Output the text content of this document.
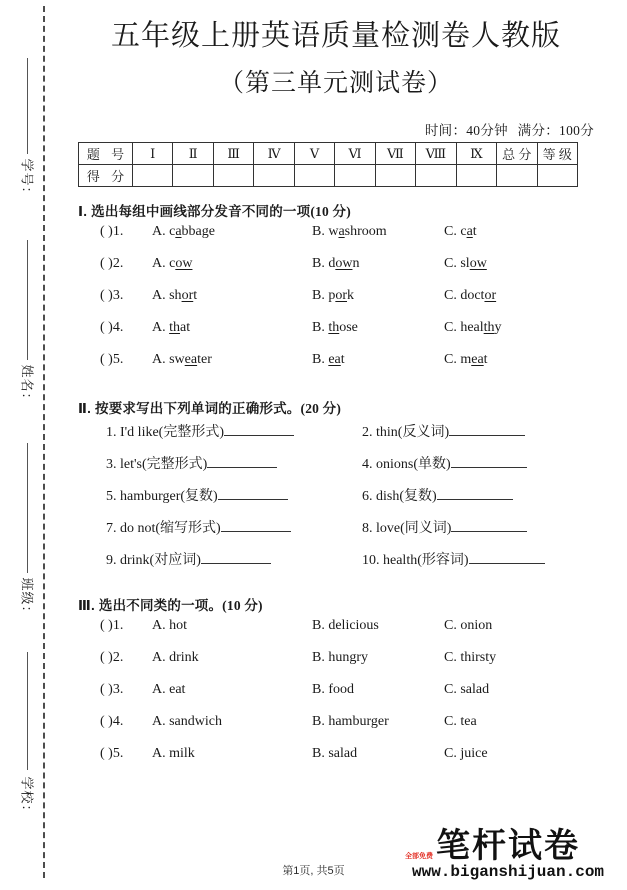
学号：
姓名：
班级：
学校：
五年级上册英语质量检测卷人教版
（第三单元测试卷）
时间：40分钟 满分：100分
题 号	Ⅰ	Ⅱ	Ⅲ	Ⅳ	Ⅴ	Ⅵ	Ⅶ	Ⅷ	Ⅸ	总 分	等 级
得 分											
Ⅰ. 选出每组中画线部分发音不同的一项(10 分)
( )1.	A. cabbage	B. washroom	C. cat
( )2.	A. cow	B. down	C. slow
( )3.	A. short	B. pork	C. doctor
( )4.	A. that	B. those	C. healthy
( )5.	A. sweater	B. eat	C. meat
Ⅱ. 按要求写出下列单词的正确形式。(20 分)
1. I'd like(完整形式)	2. thin(反义词)
3. let's(完整形式)	4. onions(单数)
5. hamburger(复数)	6. dish(复数)
7. do not(缩写形式)	8. love(同义词)
9. drink(对应词)	10. health(形容词)
Ⅲ. 选出不同类的一项。(10 分)
( )1.	A. hot	B. delicious	C. onion
( )2.	A. drink	B. hungry	C. thirsty
( )3.	A. eat	B. food	C. salad
( )4.	A. sandwich	B. hamburger	C. tea
( )5.	A. milk	B. salad	C. juice
第1页, 共5页
全部免费 笔杆试卷
www.biganshijuan.com
